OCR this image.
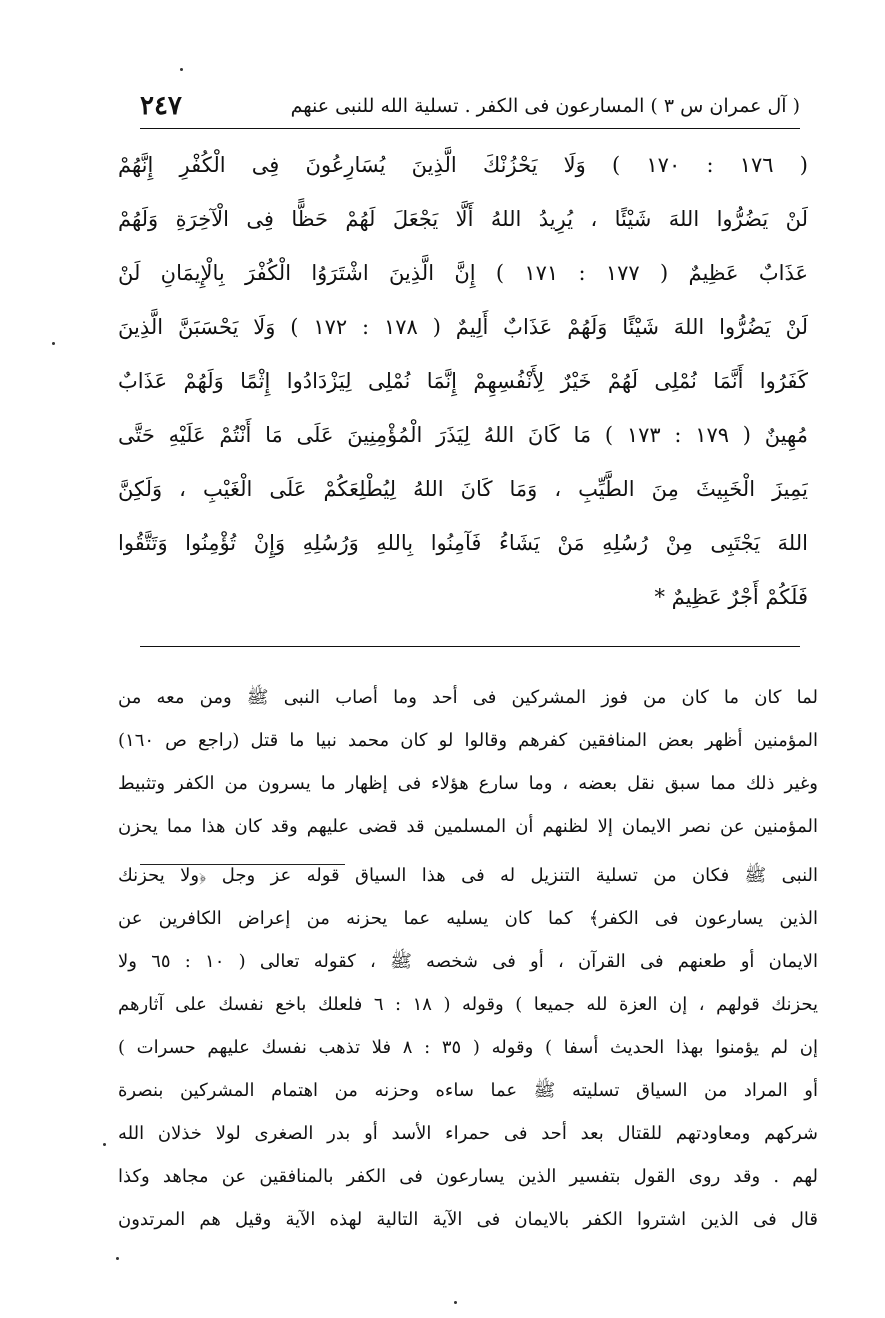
( آل عمران س ٣ ) المسارعون فى الكفر . تسلية الله للنبى عنهم
٢٤٧
( ١٧٦ : ١٧٠ ) وَلَا يَحْزُنْكَ الَّذِينَ يُسَارِعُونَ فِى الْكُفْرِ إِنَّهُمْ
لَنْ يَضُرُّوا اللهَ شَيْئًا ، يُرِيدُ اللهُ أَلَّا يَجْعَلَ لَهُمْ حَظًّا فِى الْآخِرَةِ وَلَهُمْ
عَذَابٌ عَظِيمٌ ( ١٧٧ : ١٧١ ) إِنَّ الَّذِينَ اشْتَرَوُا الْكُفْرَ بِالْإِيمَانِ لَنْ
لَنْ يَضُرُّوا اللهَ شَيْئًا وَلَهُمْ عَذَابٌ أَلِيمٌ ( ١٧٨ : ١٧٢ ) وَلَا يَحْسَبَنَّ الَّذِينَ
كَفَرُوا أَنَّمَا نُمْلِى لَهُمْ خَيْرٌ لِأَنْفُسِهِمْ إِنَّمَا نُمْلِى لِيَزْدَادُوا إِثْمًا وَلَهُمْ عَذَابٌ
مُهِينٌ ( ١٧٩ : ١٧٣ ) مَا كَانَ اللهُ لِيَذَرَ الْمُؤْمِنِينَ عَلَى مَا أَنْتُمْ عَلَيْهِ حَتَّى
يَمِيزَ الْخَبِيثَ مِنَ الطَّيِّبِ ، وَمَا كَانَ اللهُ لِيُطْلِعَكُمْ عَلَى الْغَيْبِ ، وَلَكِنَّ
اللهَ يَجْتَبِى مِنْ رُسُلِهِ مَنْ يَشَاءُ فَآمِنُوا بِاللهِ وَرُسُلِهِ وَإِنْ تُؤْمِنُوا وَتَتَّقُوا
فَلَكُمْ أَجْرٌ عَظِيمٌ *
لما كان ما كان من فوز المشركين فى أحد وما أصاب النبى ﷺ ومن معه من
المؤمنين أظهر بعض المنافقين كفرهم وقالوا لو كان محمد نبيا ما قتل (راجع ص ١٦٠)
وغير ذلك مما سبق نقل بعضه ، وما سارع هؤلاء فى إظهار ما يسرون من الكفر وتثبيط
المؤمنين عن نصر الايمان إلا لظنهم أن المسلمين قد قضى عليهم وقد كان هذا مما يحزن
النبى ﷺ فكان من تسلية التنزيل له فى هذا السياق قوله عز وجل ﴿ولا يحزنك
الذين يسارعون فى الكفر﴾ كما كان يسليه عما يحزنه من إعراض الكافرين عن
الايمان أو طعنهم فى القرآن ، أو فى شخصه ﷺ ، كقوله تعالى ( ١٠ : ٦٥ ولا
يحزنك قولهم ، إن العزة لله جميعا ) وقوله ( ١٨ : ٦ فلعلك باخع نفسك على آثارهم
إن لم يؤمنوا بهذا الحديث أسفا ) وقوله ( ٣٥ : ٨ فلا تذهب نفسك عليهم حسرات )
أو المراد من السياق تسليته ﷺ عما ساءه وحزنه من اهتمام المشركين بنصرة
شركهم ومعاودتهم للقتال بعد أحد فى حمراء الأسد أو بدر الصغرى لولا خذلان الله
لهم . وقد روى القول بتفسير الذين يسارعون فى الكفر بالمنافقين عن مجاهد وكذا
قال فى الذين اشتروا الكفر بالايمان فى الآية التالية لهذه الآية وقيل هم المرتدون
